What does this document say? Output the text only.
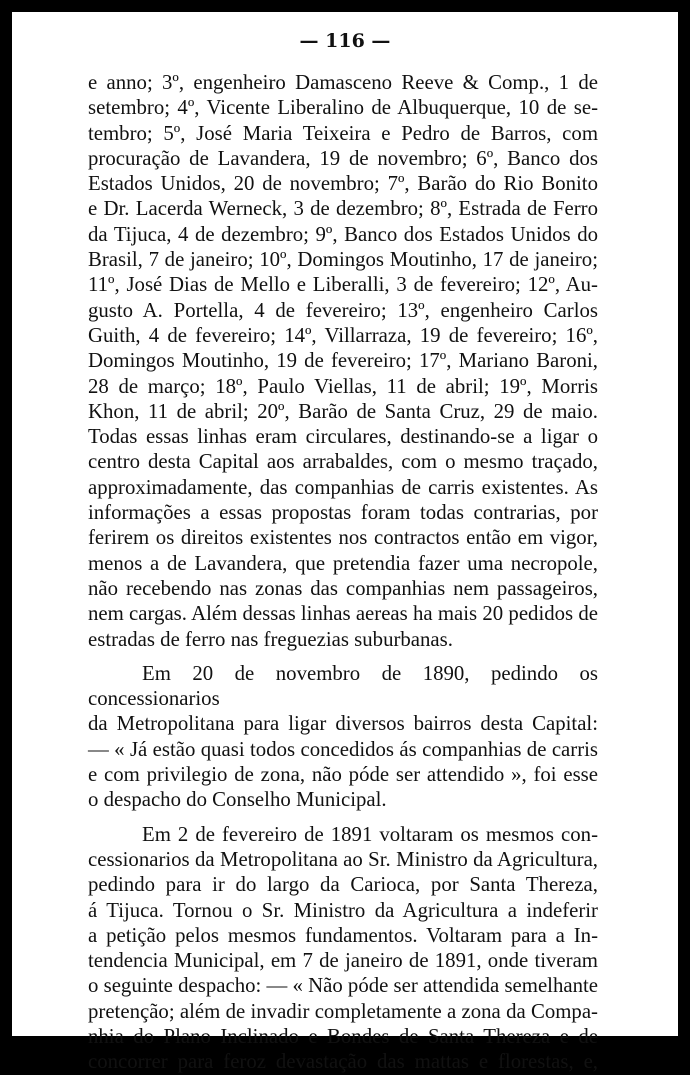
— 116 —

e anno; 3º, engenheiro Damasceno Reeve & Comp., 1 de

setembro; 4º, Vicente Liberalino de Albuquerque, 10 de se-

tembro; 5º, José Maria Teixeira e Pedro de Barros, com

procuração de Lavandera, 19 de novembro; 6º, Banco dos

Estados Unidos, 20 de novembro; 7º, Barão do Rio Bonito

e Dr. Lacerda Werneck, 3 de dezembro; 8º, Estrada de Ferro

da Tijuca, 4 de dezembro; 9º, Banco dos Estados Unidos do

Brasil, 7 de janeiro; 10º, Domingos Moutinho, 17 de janeiro;

11º, José Dias de Mello e Liberalli, 3 de fevereiro; 12º, Au-

gusto A. Portella, 4 de fevereiro; 13º, engenheiro Carlos

Guith, 4 de fevereiro; 14º, Villarraza, 19 de fevereiro; 16º,

Domingos Moutinho, 19 de fevereiro; 17º, Mariano Baroni,

28 de março; 18º, Paulo Viellas, 11 de abril; 19º, Morris

Khon, 11 de abril; 20º, Barão de Santa Cruz, 29 de maio.

Todas essas linhas eram circulares, destinando-se a ligar o

centro desta Capital aos arrabaldes, com o mesmo traçado,

approximadamente, das companhias de carris existentes. As

informações a essas propostas foram todas contrarias, por

ferirem os direitos existentes nos contractos então em vigor,

menos a de Lavandera, que pretendia fazer uma necropole,

não recebendo nas zonas das companhias nem passageiros,

nem cargas. Além dessas linhas aereas ha mais 20 pedidos de

estradas de ferro nas freguezias suburbanas.

Em 20 de novembro de 1890, pedindo os concessionarios

da Metropolitana para ligar diversos bairros desta Capital:

— « Já estão quasi todos concedidos ás companhias de carris

e com privilegio de zona, não póde ser attendido », foi esse

o despacho do Conselho Municipal.

Em 2 de fevereiro de 1891 voltaram os mesmos con-

cessionarios da Metropolitana ao Sr. Ministro da Agricultura,

pedindo para ir do largo da Carioca, por Santa Thereza,

á Tijuca. Tornou o Sr. Ministro da Agricultura a indeferir

a petição pelos mesmos fundamentos. Voltaram para a In-

tendencia Municipal, em 7 de janeiro de 1891, onde tiveram

o seguinte despacho: — « Não póde ser attendida semelhante

pretenção; além de invadir completamente a zona da Compa-

nhia do Plano Inclinado e Bondes de Santa Thereza e de

concorrer para feroz devastação das mattas e florestas, e,
